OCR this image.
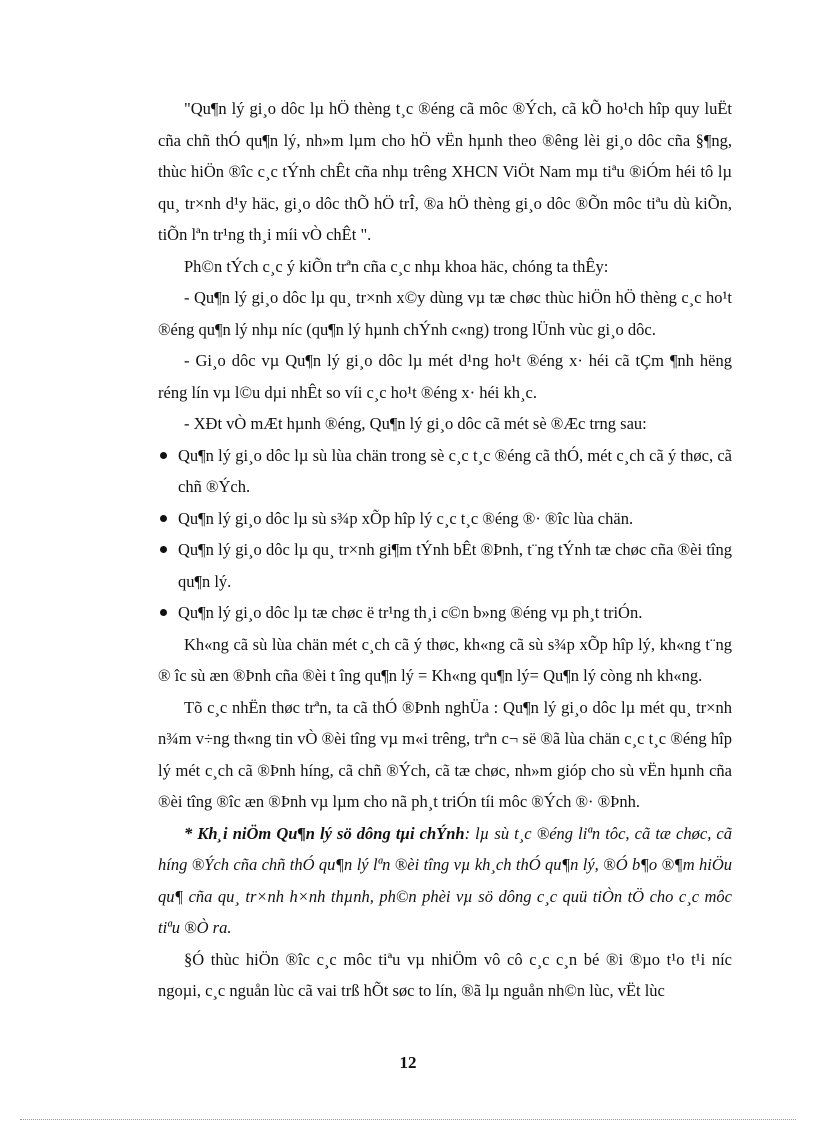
"Qu¶n lý gi¸o dôc lµ hÖ thèng t¸c ®éng cã môc ®Ých, cã kÕ ho¹ch hîp quy luËt cña chñ thÓ qu¶n lý, nh»m lµm cho hÖ vËn hµnh theo ®êng lèi gi¸o dôc cña §¶ng, thùc hiÖn ®îc c¸c tÝnh chÊt cña nhµ trêng XHCN ViÖt Nam mµ tiªu ®iÓm héi tô lµ qu¸ tr×nh d¹y häc, gi¸o dôc thÕ hÖ trÎ, ®a hÖ thèng gi¸o dôc ®Õn môc tiªu dù kiÕn, tiÕn lªn tr¹ng th¸i míi vÒ chÊt ".

Ph©n tÝch c¸c ý kiÕn trªn cña c¸c nhµ khoa häc, chóng ta thÊy:

- Qu¶n lý gi¸o dôc lµ qu¸ tr×nh x©y dùng vµ tæ chøc thùc hiÖn hÖ thèng c¸c ho¹t ®éng qu¶n lý nhµ níc (qu¶n lý hµnh chÝnh c«ng) trong lÜnh vùc gi¸o dôc.

- Gi¸o dôc vµ Qu¶n lý gi¸o dôc lµ mét d¹ng ho¹t ®éng x· héi cã tÇm ¶nh hëng réng lín vµ l©u dµi nhÊt so víi c¸c ho¹t ®éng x· héi kh¸c.

- XÐt vÒ mÆt hµnh ®éng, Qu¶n lý gi¸o dôc cã mét sè ®Æc trng sau:

Qu¶n lý gi¸o dôc lµ sù lùa chän trong sè c¸c t¸c ®éng cã thÓ, mét c¸ch cã ý thøc, cã chñ ®Ých.
Qu¶n lý gi¸o dôc lµ sù s¾p xÕp hîp lý c¸c t¸c ®éng ®· ®îc lùa chän.
Qu¶n lý gi¸o dôc lµ qu¸ tr×nh gi¶m tÝnh bÊt ®Þnh, t¨ng tÝnh tæ chøc cña ®èi tîng qu¶n lý.
Qu¶n lý gi¸o dôc lµ tæ chøc ë tr¹ng th¸i c©n b»ng ®éng vµ ph¸t triÓn.

Kh«ng cã sù lùa chän mét c¸ch cã ý thøc, kh«ng cã sù s¾p xÕp hîp lý, kh«ng t¨ng ® îc sù æn ®Þnh cña ®èi t îng qu¶n lý = Kh«ng qu¶n lý= Qu¶n lý còng nh kh«ng.

Tõ c¸c nhËn thøc trªn, ta cã thÓ ®Þnh nghÜa : Qu¶n lý gi¸o dôc lµ mét qu¸ tr×nh n¾m v÷ng th«ng tin vÒ ®èi tîng vµ m«i trêng, trªn c¬ së ®ã lùa chän c¸c t¸c ®éng hîp lý mét c¸ch cã ®Þnh híng, cã chñ ®Ých, cã tæ chøc, nh»m gióp cho sù vËn hµnh cña ®èi tîng ®îc æn ®Þnh vµ lµm cho nã ph¸t triÓn tíi môc ®Ých ®· ®Þnh.

* Kh¸i niÖm Qu¶n lý sö dông tµi chÝnh: lµ sù t¸c ®éng liªn tôc, cã tæ chøc, cã híng ®Ých cña chñ thÓ qu¶n lý lªn ®èi tîng vµ kh¸ch thÓ qu¶n lý, ®Ó b¶o ®¶m hiÖu qu¶ cña qu¸ tr×nh h×nh thµnh, ph©n phèi vµ sö dông c¸c quü tiÒn tÖ cho c¸c môc tiªu ®Ò ra.

§Ó thùc hiÖn ®îc c¸c môc tiªu vµ nhiÖm vô cô c¸c c¸n bé ®i ®µo t¹o t¹i níc ngoµi, c¸c nguån lùc cã vai trß hÕt søc to lín, ®ã lµ nguån nh©n lùc, vËt lùc

12
